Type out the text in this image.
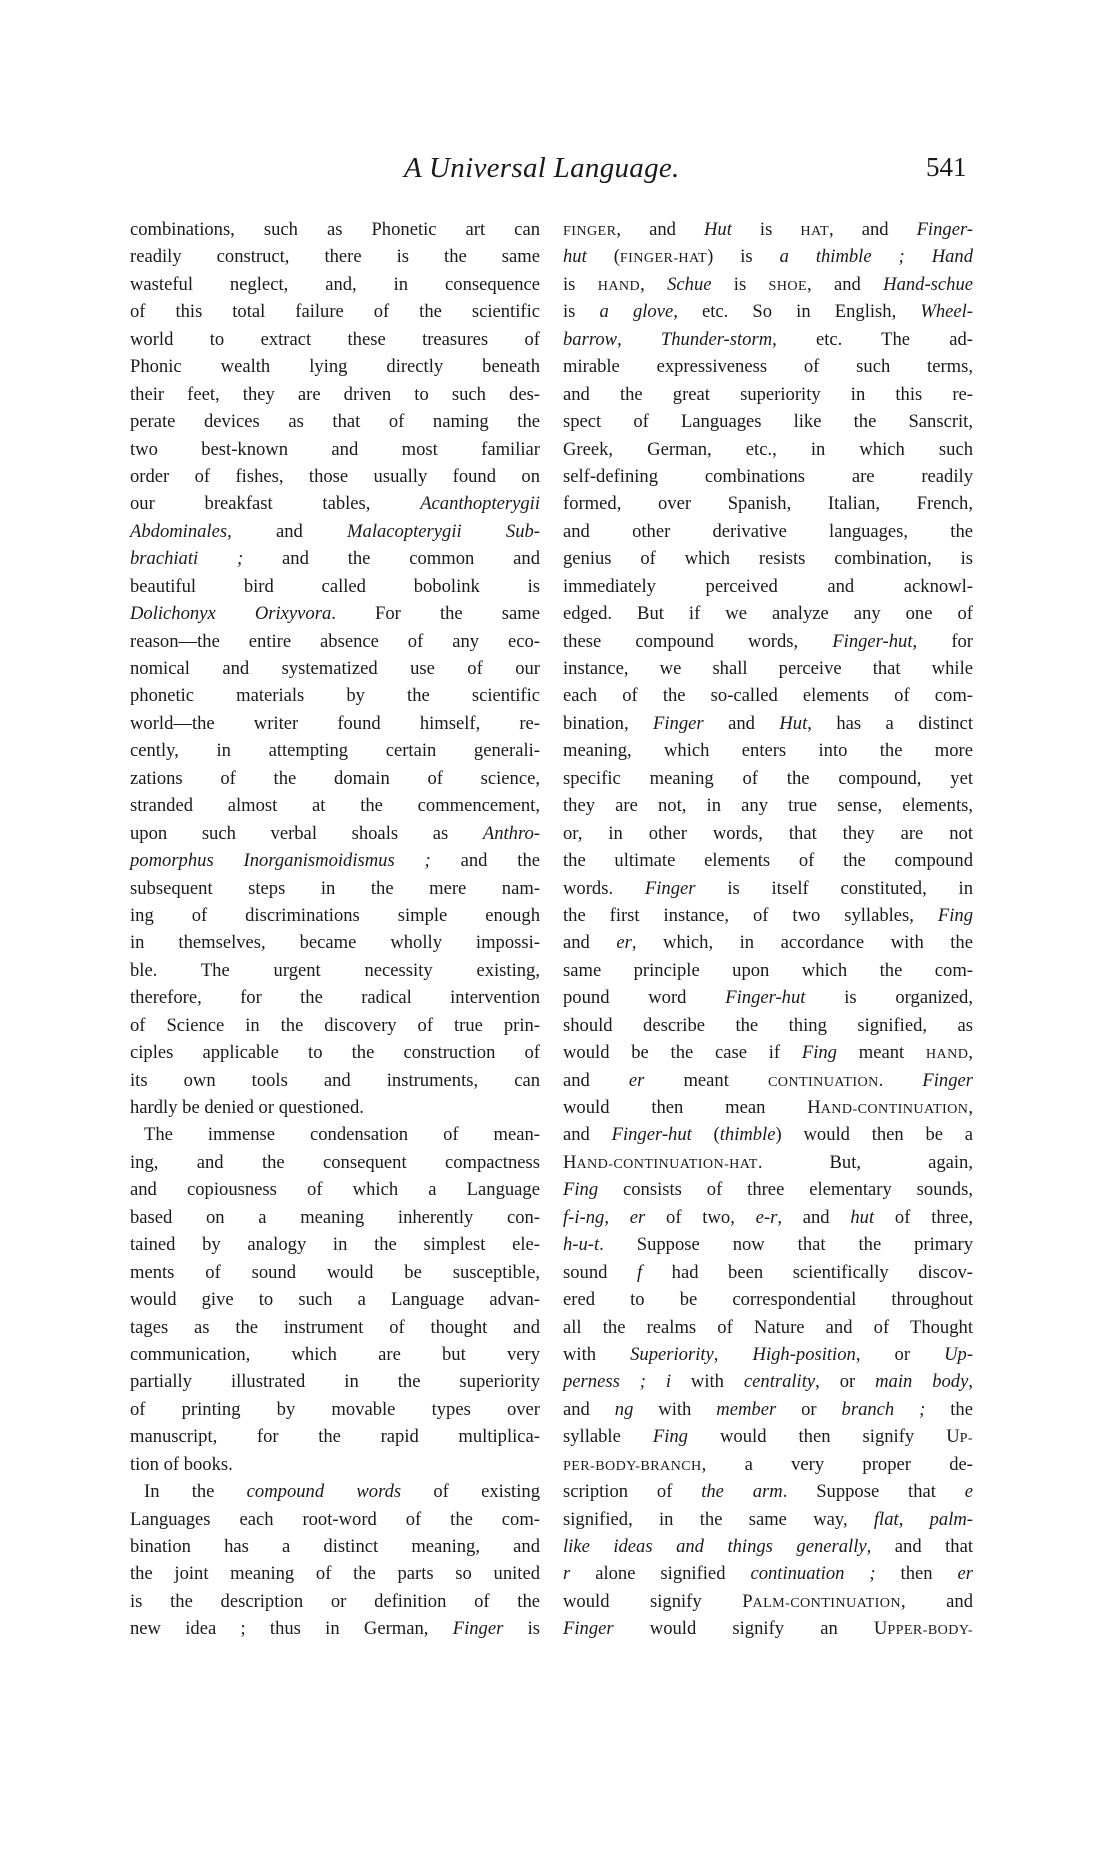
A Universal Language.	541
combinations, such as Phonetic art can
readily construct, there is the same
wasteful neglect, and, in consequence
of this total failure of the scientific
world to extract these treasures of
Phonic wealth lying directly beneath
their feet, they are driven to such des-
perate devices as that of naming the
two best-known and most familiar
order of fishes, those usually found on
our breakfast tables, Acanthopterygii
Abdominales, and Malacopterygii Sub-
brachiati ; and the common and
beautiful bird called bobolink is
Dolichonyx Orixyvora. For the same
reason—the entire absence of any eco-
nomical and systematized use of our
phonetic materials by the scientific
world—the writer found himself, re-
cently, in attempting certain generali-
zations of the domain of science,
stranded almost at the commencement,
upon such verbal shoals as Anthro-
pomorphus Inorganismoidismus ; and the
subsequent steps in the mere nam-
ing of discriminations simple enough
in themselves, became wholly impossi-
ble. The urgent necessity existing,
therefore, for the radical intervention
of Science in the discovery of true prin-
ciples applicable to the construction of
its own tools and instruments, can
hardly be denied or questioned.
The immense condensation of mean-
ing, and the consequent compactness
and copiousness of which a Language
based on a meaning inherently con-
tained by analogy in the simplest ele-
ments of sound would be susceptible,
would give to such a Language advan-
tages as the instrument of thought and
communication, which are but very
partially illustrated in the superiority
of printing by movable types over
manuscript, for the rapid multiplica-
tion of books.
In the compound words of existing
Languages each root-word of the com-
bination has a distinct meaning, and
the joint meaning of the parts so united
is the description or definition of the
new idea ; thus in German, Finger is
FINGER, and Hut is HAT, and Finger-
hut (FINGER-HAT) is a thimble ; Hand
is HAND, Schue is SHOE, and Hand-schue
is a glove, etc. So in English, Wheel-
barrow, Thunder-storm, etc. The ad-
mirable expressiveness of such terms,
and the great superiority in this re-
spect of Languages like the Sanscrit,
Greek, German, etc., in which such
self-defining combinations are readily
formed, over Spanish, Italian, French,
and other derivative languages, the
genius of which resists combination, is
immediately perceived and acknowl-
edged. But if we analyze any one of
these compound words, Finger-hut, for
instance, we shall perceive that while
each of the so-called elements of com-
bination, Finger and Hut, has a distinct
meaning, which enters into the more
specific meaning of the compound, yet
they are not, in any true sense, elements,
or, in other words, that they are not
the ultimate elements of the compound
words. Finger is itself constituted, in
the first instance, of two syllables, Fing
and er, which, in accordance with the
same principle upon which the com-
pound word Finger-hut is organized,
should describe the thing signified, as
would be the case if Fing meant HAND,
and er meant CONTINUATION. Finger
would then mean HAND-CONTINUATION,
and Finger-hut (thimble) would then be a
HAND-CONTINUATION-HAT. But, again,
Fing consists of three elementary sounds,
f-i-ng, er of two, e-r, and hut of three,
h-u-t. Suppose now that the primary
sound f had been scientifically discov-
ered to be correspondential throughout
all the realms of Nature and of Thought
with Superiority, High-position, or Up-
perness ; i with centrality, or main body,
and ng with member or branch ; the
syllable Fing would then signify UP-
PER-BODY-BRANCH, a very proper de-
scription of the arm. Suppose that e
signified, in the same way, flat, palm-
like ideas and things generally, and that
r alone signified continuation ; then er
would signify PALM-CONTINUATION, and
Finger would signify an UPPER-BODY-
